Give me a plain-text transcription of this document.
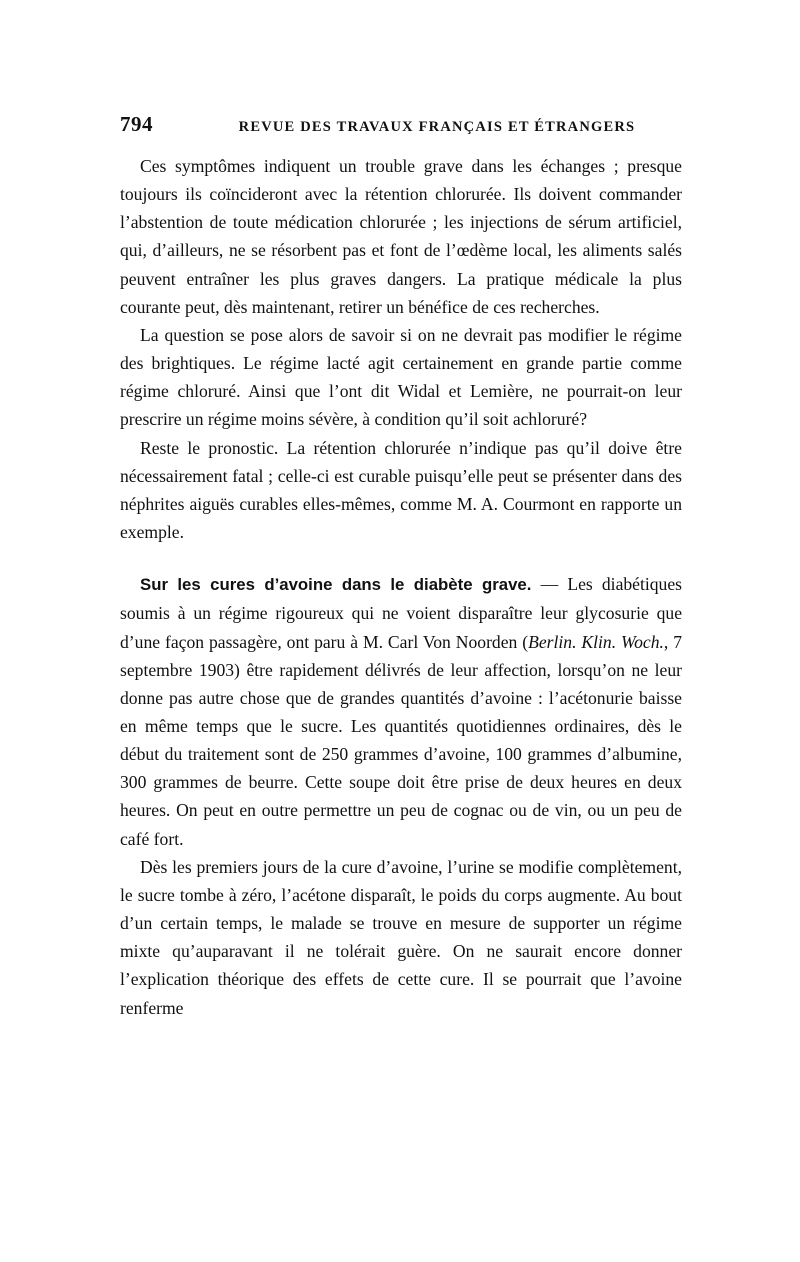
794	REVUE DES TRAVAUX FRANÇAIS ET ÉTRANGERS

Ces symptômes indiquent un trouble grave dans les échanges ; presque toujours ils coïncideront avec la rétention chlorurée. Ils doivent commander l’abstention de toute médication chlorurée ; les injections de sérum artificiel, qui, d’ailleurs, ne se résorbent pas et font de l’œdème local, les aliments salés peuvent entraîner les plus graves dangers. La pratique médicale la plus courante peut, dès maintenant, retirer un bénéfice de ces recherches.

La question se pose alors de savoir si on ne devrait pas modifier le régime des brightiques. Le régime lacté agit certainement en grande partie comme régime chloruré. Ainsi que l’ont dit Widal et Lemière, ne pourrait-on leur prescrire un régime moins sévère, à condition qu’il soit achloruré?

Reste le pronostic. La rétention chlorurée n’indique pas qu’il doive être nécessairement fatal ; celle-ci est curable puisqu’elle peut se présenter dans des néphrites aiguës curables elles-mêmes, comme M. A. Courmont en rapporte un exemple.

Sur les cures d’avoine dans le diabète grave. — Les diabétiques soumis à un régime rigoureux qui ne voient disparaître leur glycosurie que d’une façon passagère, ont paru à M. Carl Von Noorden (Berlin. Klin. Woch., 7 septembre 1903) être rapidement délivrés de leur affection, lorsqu’on ne leur donne pas autre chose que de grandes quantités d’avoine : l’acétonurie baisse en même temps que le sucre. Les quantités quotidiennes ordinaires, dès le début du traitement sont de 250 grammes d’avoine, 100 grammes d’albumine, 300 grammes de beurre. Cette soupe doit être prise de deux heures en deux heures. On peut en outre permettre un peu de cognac ou de vin, ou un peu de café fort.

Dès les premiers jours de la cure d’avoine, l’urine se modifie complètement, le sucre tombe à zéro, l’acétone disparaît, le poids du corps augmente. Au bout d’un certain temps, le malade se trouve en mesure de supporter un régime mixte qu’auparavant il ne tolérait guère. On ne saurait encore donner l’explication théorique des effets de cette cure. Il se pourrait que l’avoine renferme
